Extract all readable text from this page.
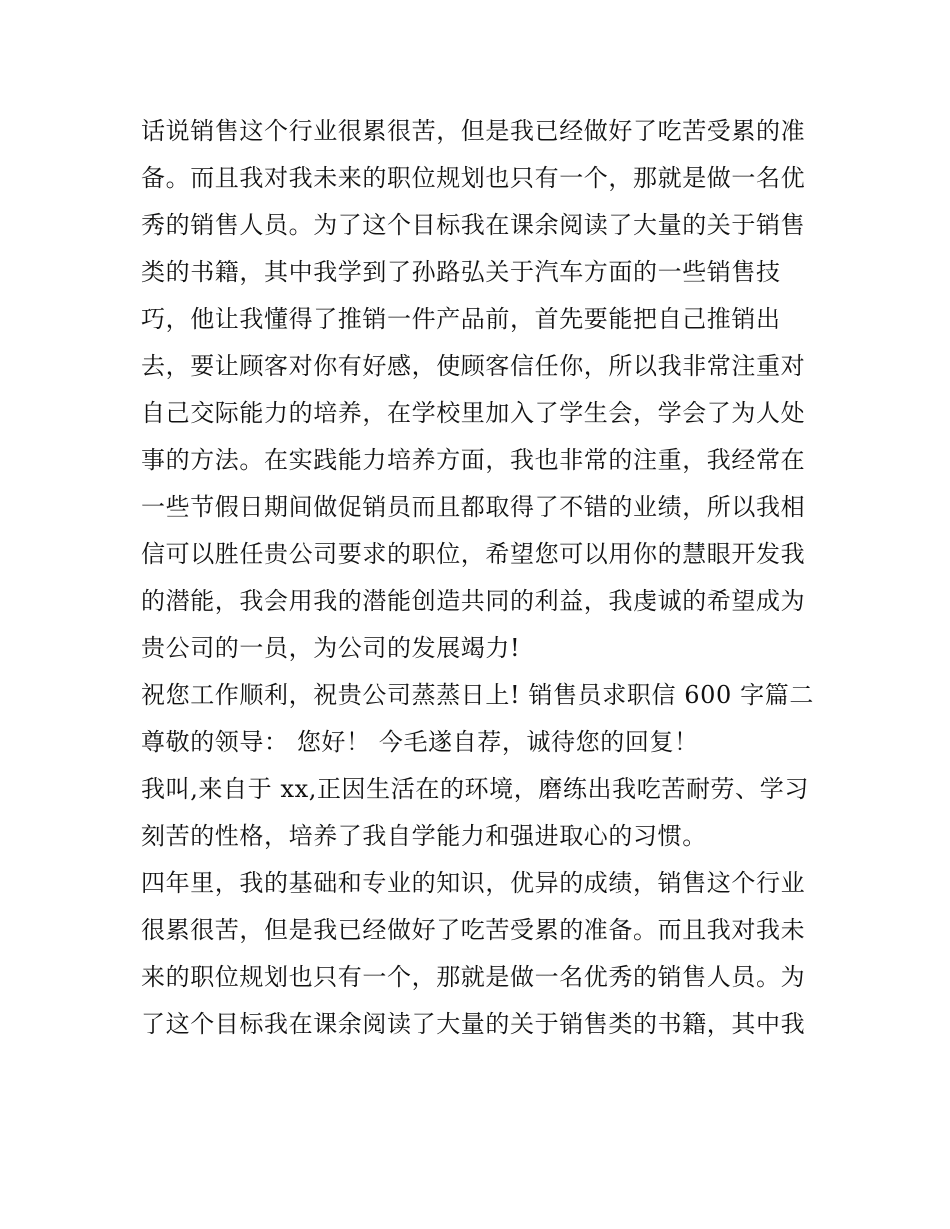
话说销售这个行业很累很苦，但是我已经做好了吃苦受累的准
备。而且我对我未来的职位规划也只有一个，那就是做一名优
秀的销售人员。为了这个目标我在课余阅读了大量的关于销售
类的书籍，其中我学到了孙路弘关于汽车方面的一些销售技
巧，他让我懂得了推销一件产品前，首先要能把自己推销出
去，要让顾客对你有好感，使顾客信任你，所以我非常注重对
自己交际能力的培养，在学校里加入了学生会，学会了为人处
事的方法。在实践能力培养方面，我也非常的注重，我经常在
一些节假日期间做促销员而且都取得了不错的业绩，所以我相
信可以胜任贵公司要求的职位，希望您可以用你的慧眼开发我
的潜能，我会用我的潜能创造共同的利益，我虔诚的希望成为
贵公司的一员，为公司的发展竭力!
祝您工作顺利，祝贵公司蒸蒸日上! 销售员求职信 600 字篇二
尊敬的领导： 您好！ 今毛遂自荐，诚待您的回复！
我叫,来自于 xx,正因生活在的环境，磨练出我吃苦耐劳、学习
刻苦的性格，培养了我自学能力和强进取心的习惯。
四年里，我的基础和专业的知识，优异的成绩，销售这个行业
很累很苦，但是我已经做好了吃苦受累的准备。而且我对我未
来的职位规划也只有一个，那就是做一名优秀的销售人员。为
了这个目标我在课余阅读了大量的关于销售类的书籍，其中我
